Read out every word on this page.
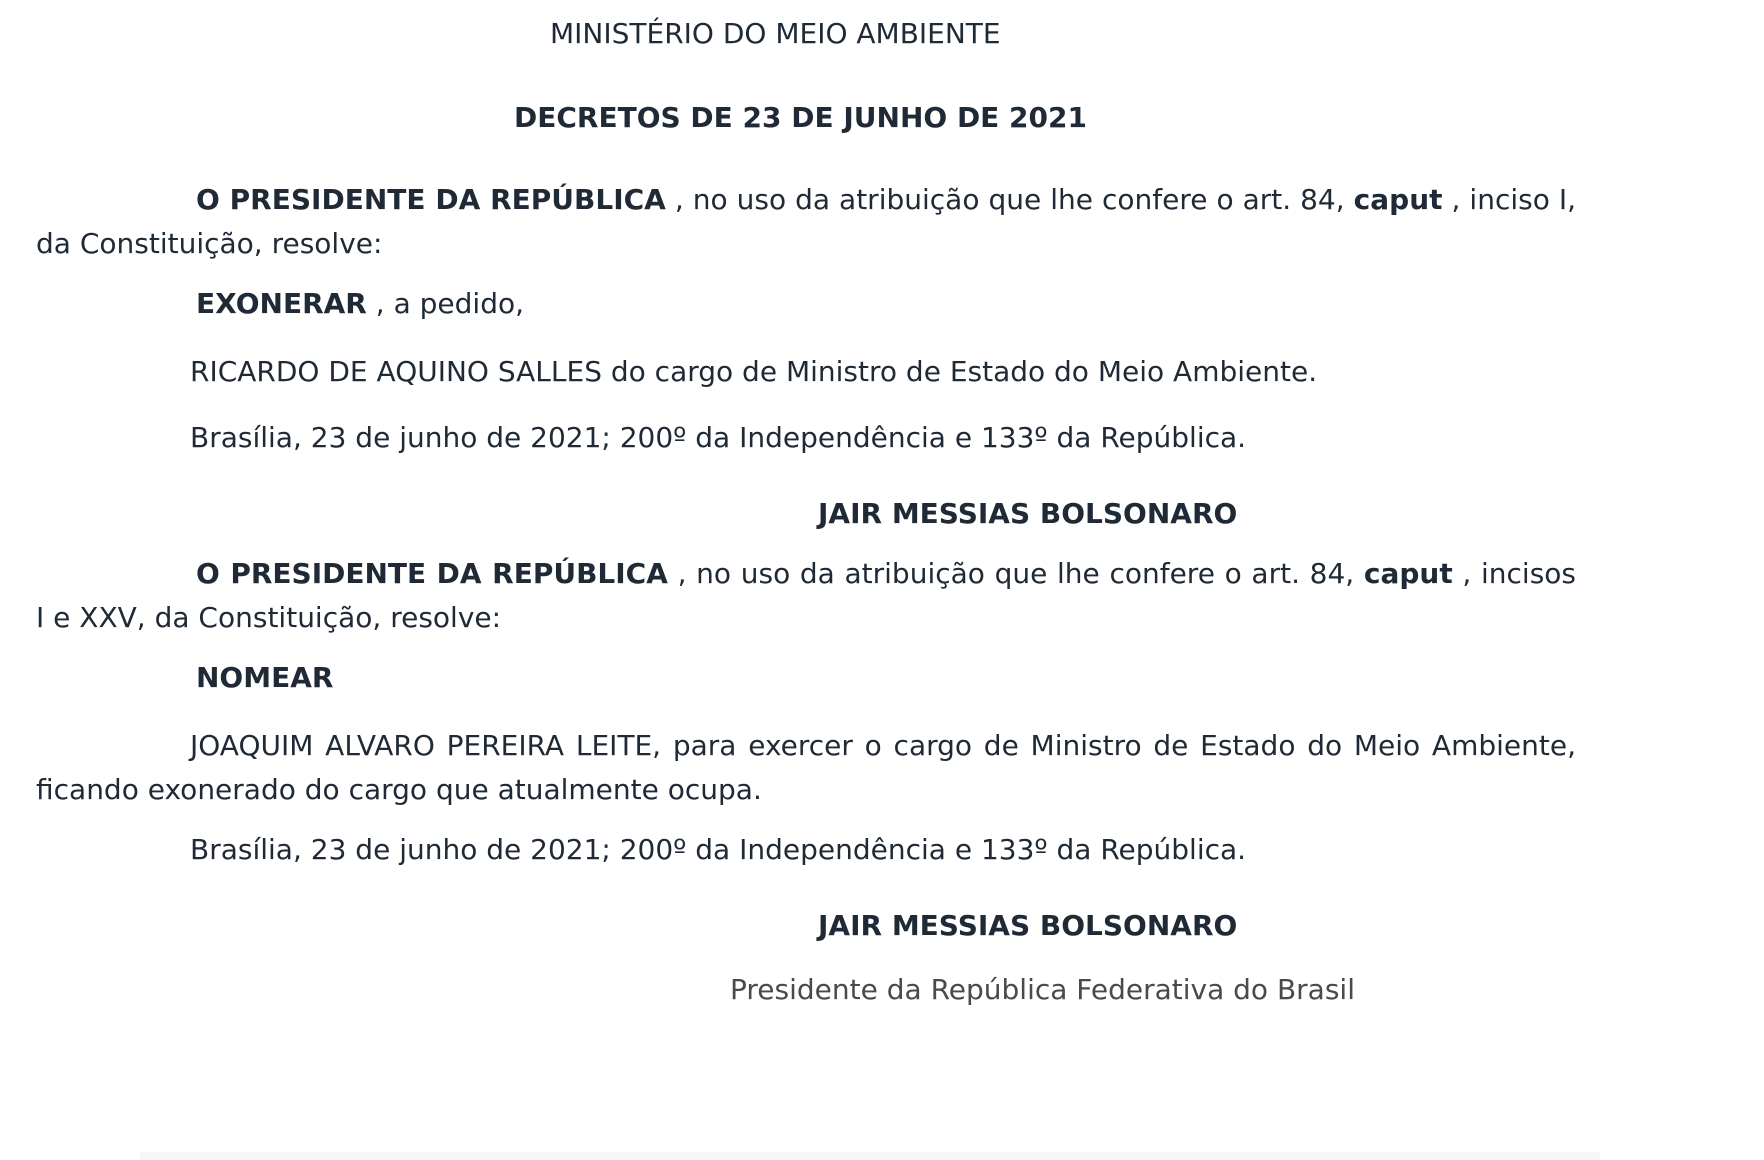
MINISTÉRIO DO MEIO AMBIENTE

DECRETOS DE 23 DE JUNHO DE 2021

O PRESIDENTE DA REPÚBLICA , no uso da atribuição que lhe confere o art. 84, caput , inciso I, da Constituição, resolve:

EXONERAR , a pedido,

RICARDO DE AQUINO SALLES do cargo de Ministro de Estado do Meio Ambiente.

Brasília, 23 de junho de 2021; 200º da Independência e 133º da República.

JAIR MESSIAS BOLSONARO

O PRESIDENTE DA REPÚBLICA , no uso da atribuição que lhe confere o art. 84, caput , incisos I e XXV, da Constituição, resolve:

NOMEAR

JOAQUIM ALVARO PEREIRA LEITE, para exercer o cargo de Ministro de Estado do Meio Ambiente, ficando exonerado do cargo que atualmente ocupa.

Brasília, 23 de junho de 2021; 200º da Independência e 133º da República.

JAIR MESSIAS BOLSONARO

Presidente da República Federativa do Brasil
